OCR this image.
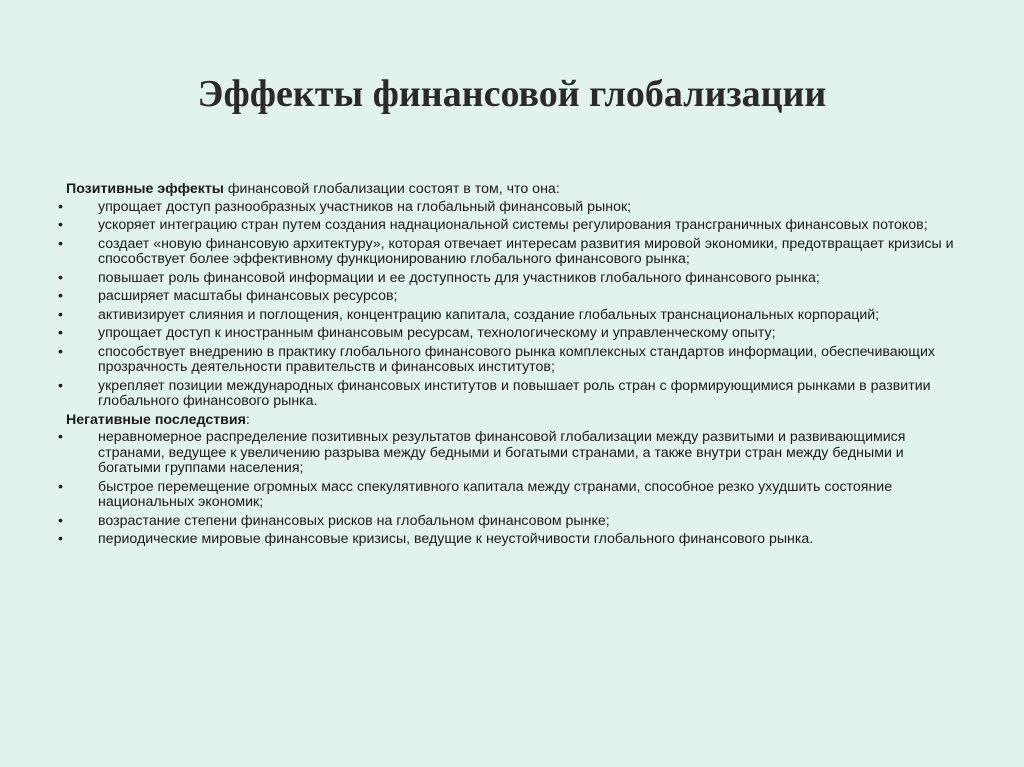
Эффекты финансовой глобализации

Позитивные эффекты финансовой глобализации состоят в том, что она:

• упрощает доступ разнообразных участников на глобальный финансовый рынок;
• ускоряет интеграцию стран путем создания наднациональной системы регулирования трансграничных финансовых потоков;
• создает «новую финансовую архитектуру», которая отвечает интересам развития мировой экономики, предотвращает кризисы и способствует более эффективному функционированию глобального финансового рынка;
• повышает роль финансовой информации и ее доступность для участников глобального финансового рынка;
• расширяет масштабы финансовых ресурсов;
• активизирует слияния и поглощения, концентрацию капитала, создание глобальных транснациональных корпораций;
• упрощает доступ к иностранным финансовым ресурсам, технологическому и управленческому опыту;
• способствует внедрению в практику глобального финансового рынка комплексных стандартов информации, обеспечивающих прозрачность деятельности правительств и финансовых институтов;
• укрепляет позиции международных финансовых институтов и повышает роль стран с формирующимися рынками в развитии глобального финансового рынка.

Негативные последствия:

• неравномерное распределение позитивных результатов финансовой глобализации между развитыми и развивающимися странами, ведущее к увеличению разрыва между бедными и богатыми странами, а также внутри стран между бедными и богатыми группами населения;
• быстрое перемещение огромных масс спекулятивного капитала между странами, способное резко ухудшить состояние национальных экономик;
• возрастание степени финансовых рисков на глобальном финансовом рынке;
• периодические мировые финансовые кризисы, ведущие к неустойчивости глобального финансового рынка.
